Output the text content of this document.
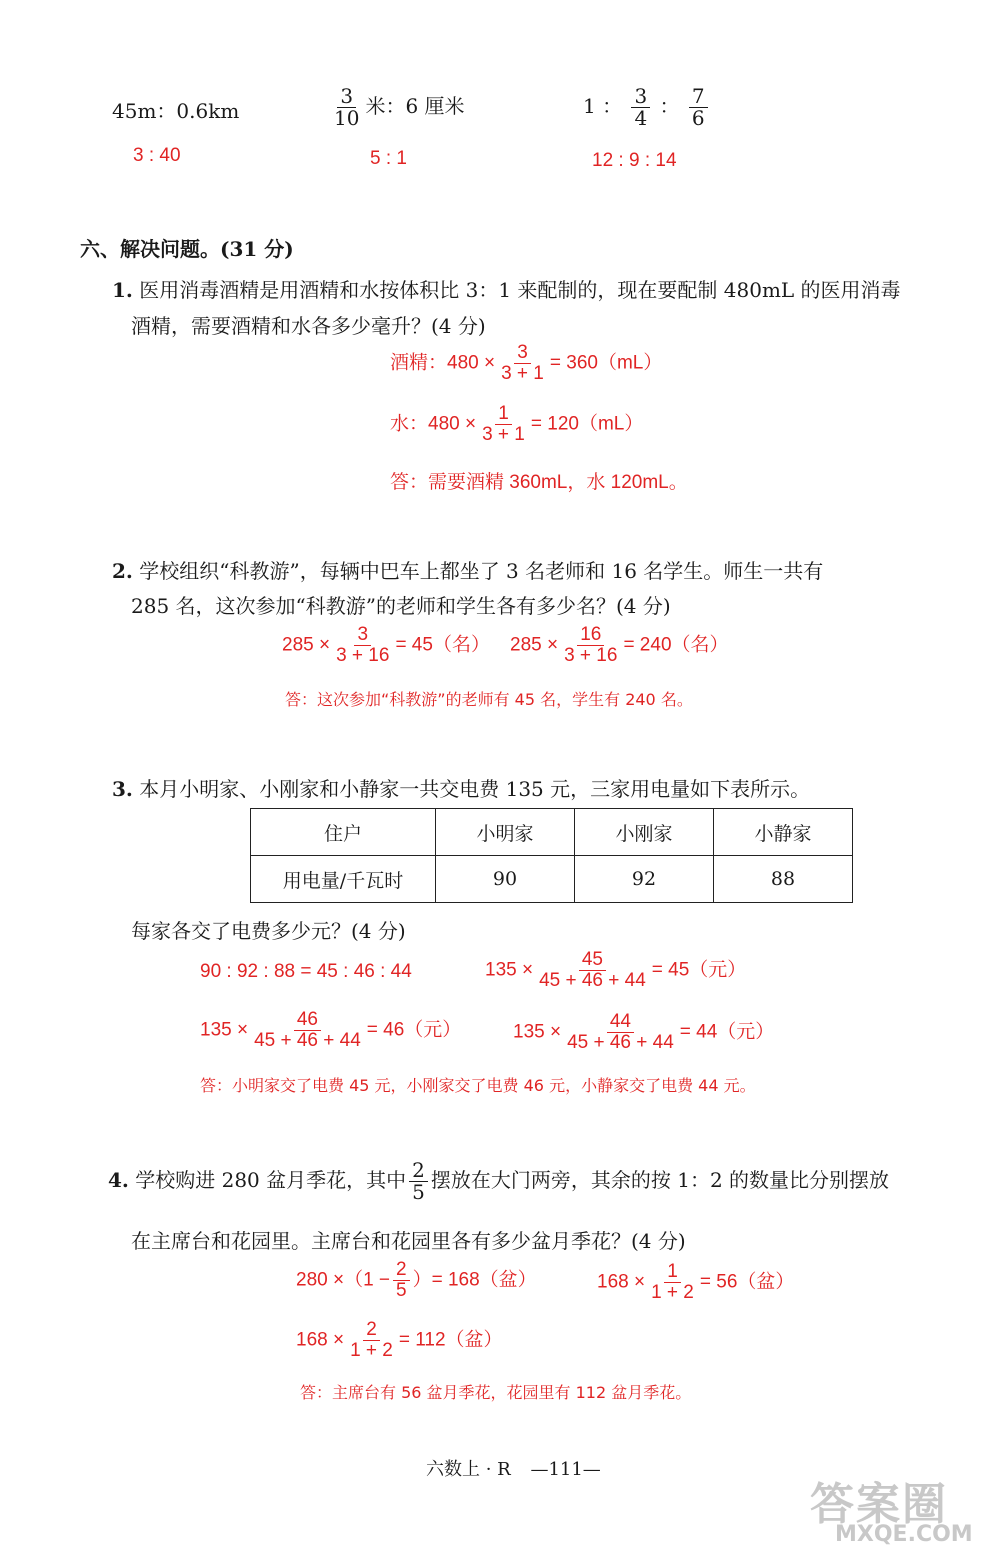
45m：0.6km	$\frac{3}{10}$ 米：6 厘米	1 ： $\frac{3}{4}$ ： $\frac{7}{6}$
3 : 40	5 : 1	12 : 9 : 14
六、解决问题。(31 分)
1. 医用消毒酒精是用酒精和水按体积比 3：1 来配制的，现在要配制 480mL 的医用消毒
酒精，需要酒精和水各多少毫升？(4 分)
酒精：$480 \times \frac{3}{3 + 1} = 360(mL)$
水：$480 \times \frac{1}{3 + 1} = 120(mL)$
答：需要酒精 360mL，水 120mL。
2. 学校组织“科教游”，每辆中巴车上都坐了 3 名老师和 16 名学生。师生一共有
285 名，这次参加“科教游”的老师和学生各有多少名？(4 分)
$285 \times \frac{3}{3 + 16} = 45$（名） $285 \times \frac{16}{3 + 16} = 240$（名）
答：这次参加“科教游”的老师有 45 名，学生有 240 名。
3. 本月小明家、小刚家和小静家一共交电费 135 元，三家用电量如下表所示。
住户	小明家	小刚家	小静家
用电量/千瓦时	90	92	88
每家各交了电费多少元？(4 分)
90 : 92 : 88 = 45 : 46 : 44	$135 \times \frac{45}{45 + 46 + 44} = 45$（元）
$135 \times \frac{46}{45 + 46 + 44} = 46$（元）	$135 \times \frac{44}{45 + 46 + 44} = 44$（元）
答：小明家交了电费 45 元，小刚家交了电费 46 元，小静家交了电费 44 元。
4. 学校购进 280 盆月季花，其中 $\frac{2}{5}$ 摆放在大门两旁，其余的按 1：2 的数量比分别摆放
在主席台和花园里。主席台和花园里各有多少盆月季花？(4 分)
$280 \times(1 - \frac{2}{5}$ ）= 168（盆）	$168 \times \frac{1}{1 + 2} = 56$（盆）
$168 \times \frac{2}{1 + 2} = 112$（盆）
答：主席台有 56 盆月季花，花园里有 112 盆月季花。
六数上 · R —111—
答案圈
MXQE.COM
